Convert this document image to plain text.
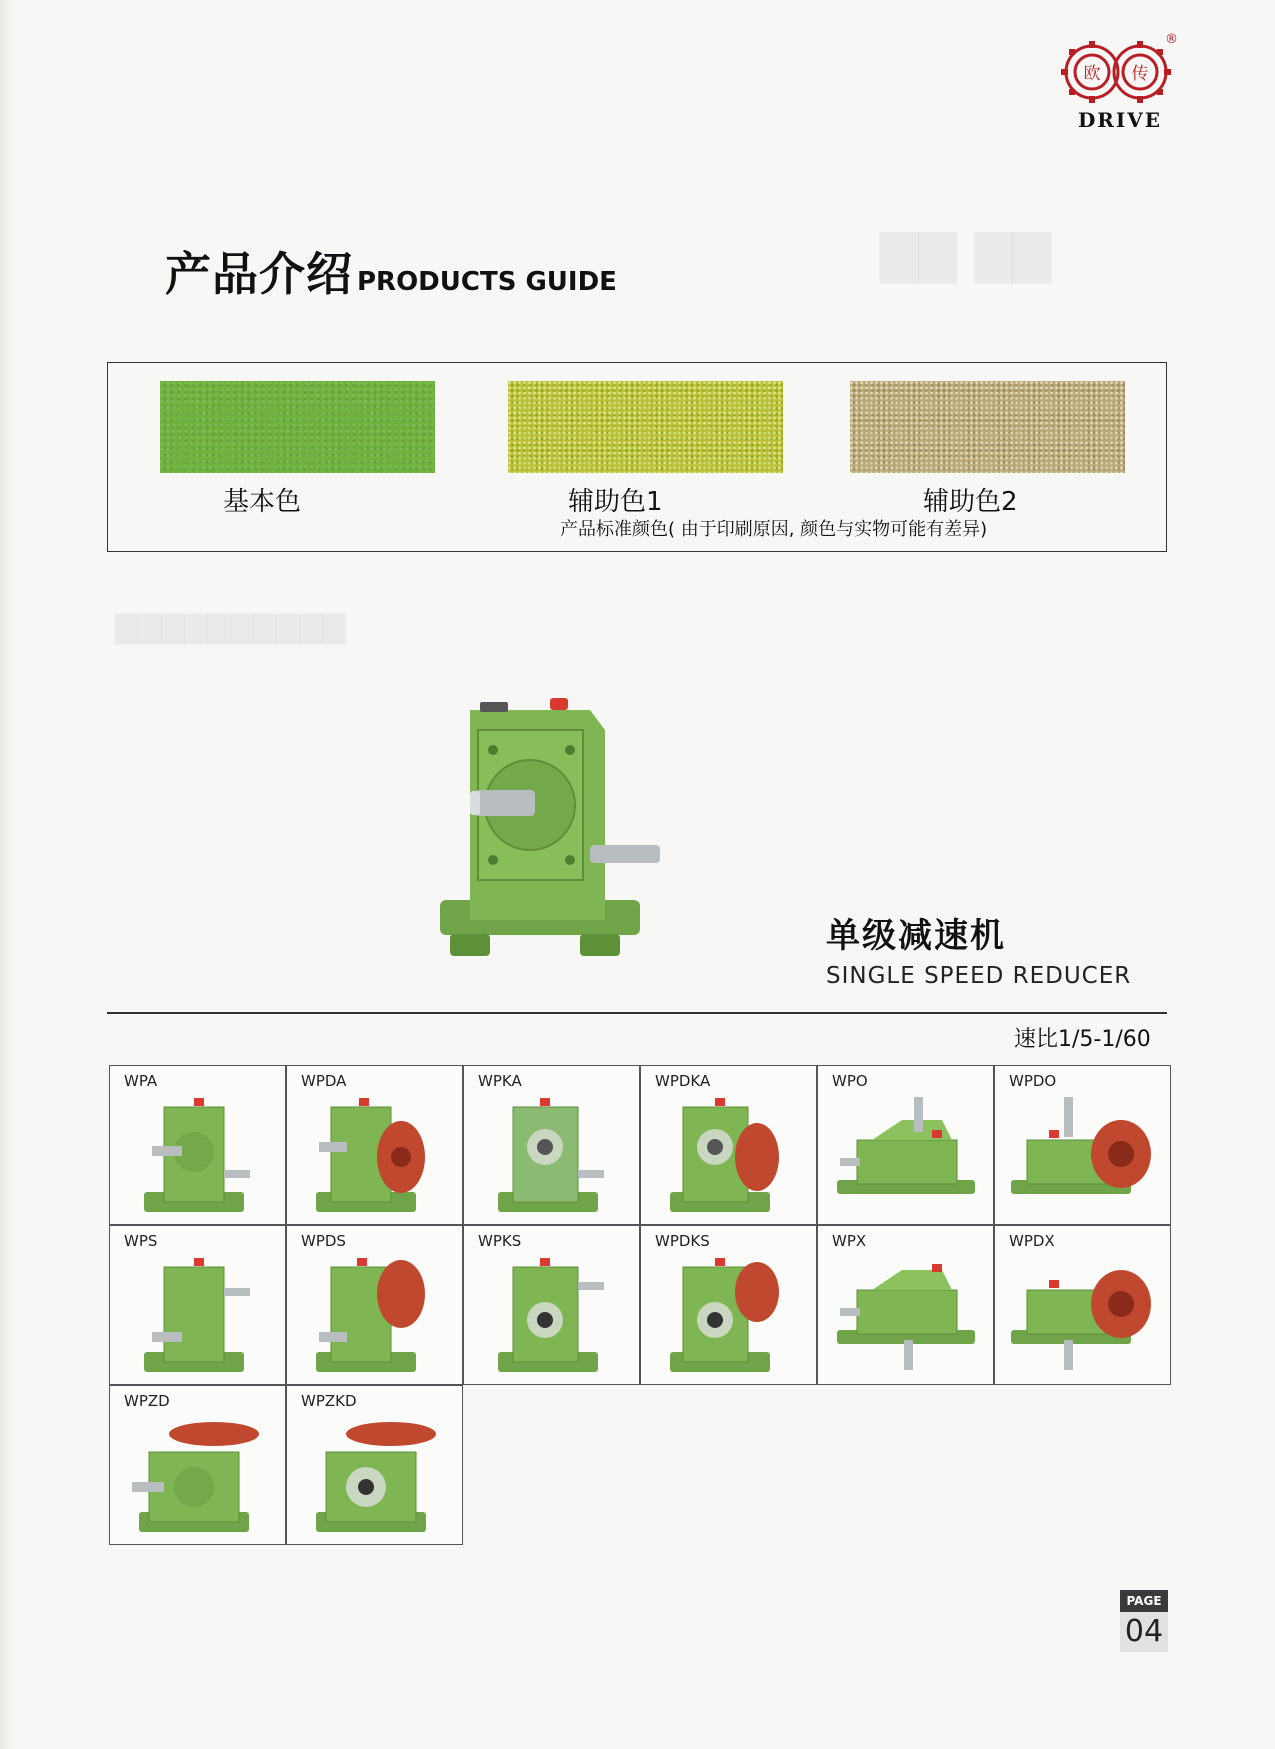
欧 传
®
DRIVE
▇▇ ▇▇
▇▇▇▇▇▇▇▇▇▇
产品介绍 PRODUCTS GUIDE
基本色	辅助色1	辅助色2
产品标准颜色( 由于印刷原因, 颜色与实物可能有差异)
单级减速机
SINGLE SPEED REDUCER
速比1/5-1/60
WPA	WPDA	WPKA	WPDKA	WPO	WPDO
WPS	WPDS	WPKS	WPDKS	WPX	WPDX
WPZD	WPZKD
PAGE
04
